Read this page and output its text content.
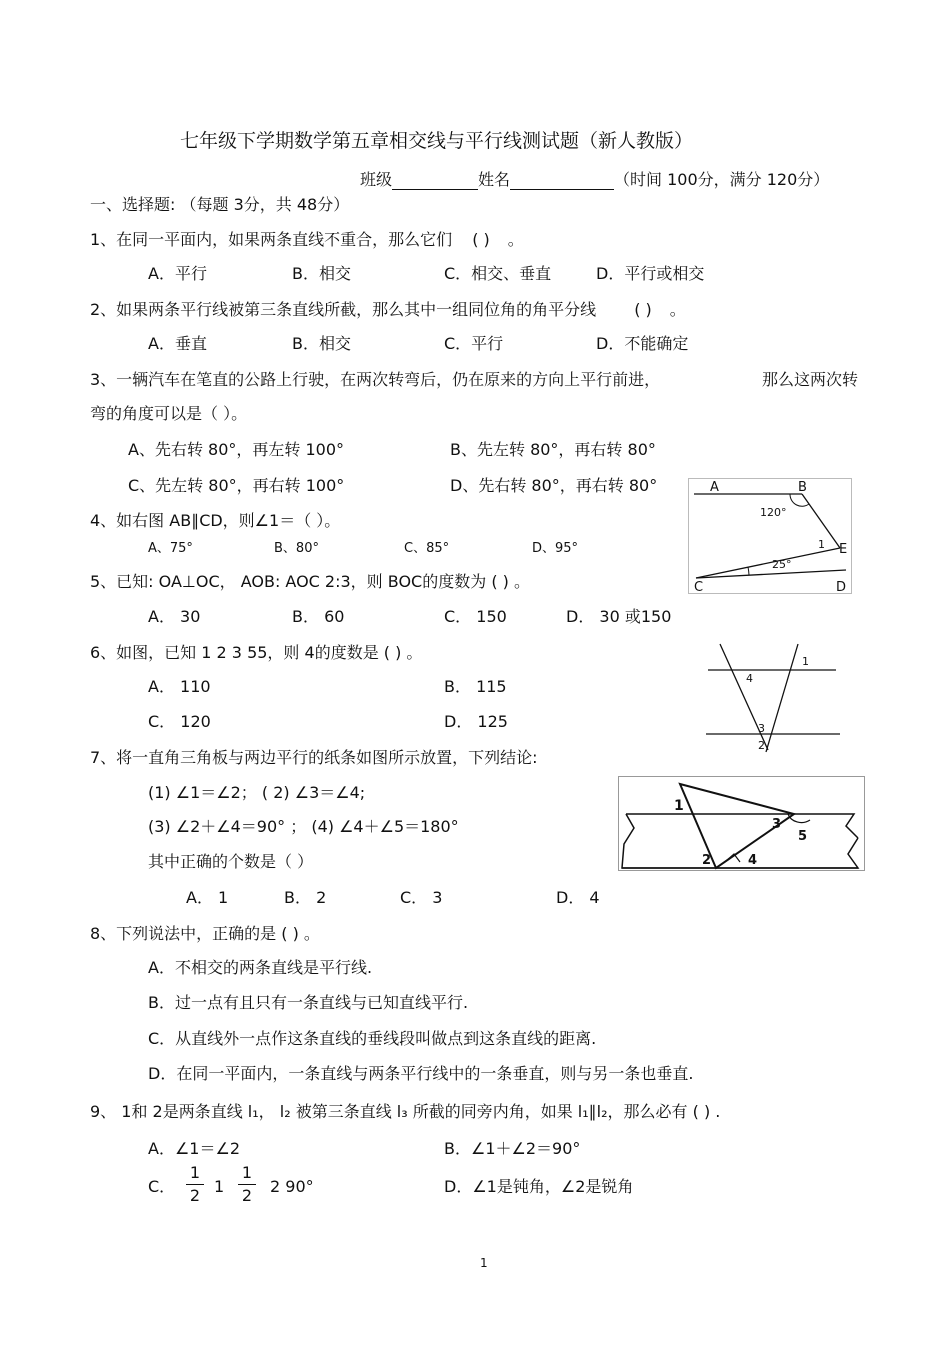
七年级下学期数学第五章相交线与平行线测试题（新人教版）
班级	姓名	（时间 100分，满分 120分）
一、选择题: （每题 3分，共 48分）
1、在同一平面内，如果两条直线不重合，那么它们 ( ) 。
A．平行	B．相交	C．相交、垂直	D．平行或相交
2、如果两条平行线被第三条直线所截，那么其中一组同位角的角平分线 ( ) 。
A．垂直	B．相交	C．平行	D．不能确定
3、一辆汽车在笔直的公路上行驶，在两次转弯后，仍在原来的方向上平行前进，	那么这两次转
弯的角度可以是（ ）。
A、先右转 80°，再左转 100°	B、先左转 80°，再右转 80°
C、先左转 80°，再右转 100°	D、先右转 80°，再右转 80°
4、如右图 AB∥CD，则∠1＝（ ）。
A、75°	B、80°	C、85°	D、95°
A	B
120°
1 E
25°
C	D
5、已知: OA⊥OC， AOB: AOC 2:3，则 BOC的度数为 ( ) 。
A． 30	B． 60	C． 150	D． 30 或150
6、如图，已知 1 2 3 55，则 4的度数是 ( ) 。
A． 110	B． 115
C． 120	D． 125
1
4
3
2
7、将一直角三角板与两边平行的纸条如图所示放置，下列结论:
(1) ∠1＝∠2； ( 2) ∠3＝∠4;
(3) ∠2＋∠4＝90° ； (4) ∠4＋∠5＝180°
其中正确的个数是（ ）
A． 1	B． 2	C． 3	D． 4
1
3
5
2	4
8、下列说法中，正确的是 ( ) 。
A．不相交的两条直线是平行线.
B．过一点有且只有一条直线与已知直线平行.
C．从直线外一点作这条直线的垂线段叫做点到这条直线的距离.
D．在同一平面内，一条直线与两条平行线中的一条垂直，则与另一条也垂直.
9、 1和 2是两条直线 l₁， l₂ 被第三条直线 l₃ 所截的同旁内角，如果 l₁∥l₂，那么必有 ( ) .
A．∠1＝∠2	B．∠1＋∠2＝90°
C．
1
2 1
1
2 2 90°	D．∠1是钝角，∠2是锐角
1
